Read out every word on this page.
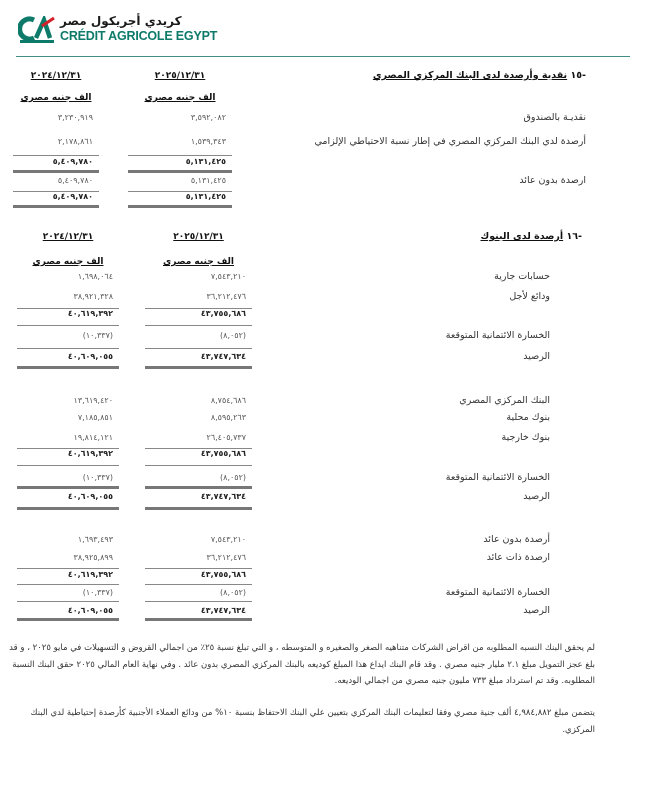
كريدي أجريكول مصر
CRÉDIT AGRICOLE EGYPT
-١٥ نقدية وأرصدة لدى البنك المركزي المصري
٢٠٢٥/١٢/٣١
٢٠٢٤/١٢/٣١
الف جنيه مصري
الف جنيه مصري
نقديـة بالصندوق
٣,٥٩٢,٠٨٢
٣,٢٣٠,٩١٩
أرصدة لدي البنك المركزي المصري في إطار نسبة الاحتياطي الإلزامي
١,٥٣٩,٣٤٣
٢,١٧٨,٨٦١
٥,١٣١,٤٢٥
٥,٤٠٩,٧٨٠
ارصدة بدون عائد
٥,١٣١,٤٢٥
٥,٤٠٩,٧٨٠
٥,١٣١,٤٢٥
٥,٤٠٩,٧٨٠
-١٦ أرصدة لدى البنوك
٢٠٢٥/١٢/٣١
٢٠٢٤/١٢/٣١
الف جنيه مصري
الف جنيه مصري
حسابات جارية
٧,٥٤٣,٢١٠
١,٦٩٨,٠٦٤
ودائع لأجل
٣٦,٢١٢,٤٧٦
٣٨,٩٢١,٣٢٨
٤٣,٧٥٥,٦٨٦
٤٠,٦١٩,٣٩٢
الخسارة الائتمانية المتوقعة
(٨,٠٥٢)
(١٠,٣٣٧)
الرصيد
٤٣,٧٤٧,٦٣٤
٤٠,٦٠٩,٠٥٥
البنك المركزي المصري
٨,٧٥٤,٦٨٦
١٣,٦١٩,٤٢٠
بنوك محلية
٨,٥٩٥,٢٦٣
٧,١٨٥,٨٥١
بنوك خارجية
٢٦,٤٠٥,٧٣٧
١٩,٨١٤,١٢١
٤٣,٧٥٥,٦٨٦
٤٠,٦١٩,٣٩٢
الخسارة الائتمانية المتوقعة
(٨,٠٥٢)
(١٠,٣٣٧)
الرصيد
٤٣,٧٤٧,٦٣٤
٤٠,٦٠٩,٠٥٥
أرصدة بدون عائد
٧,٥٤٣,٢١٠
١,٦٩٣,٤٩٣
ارصدة ذات عائد
٣٦,٢١٢,٤٧٦
٣٨,٩٢٥,٨٩٩
٤٣,٧٥٥,٦٨٦
٤٠,٦١٩,٣٩٢
الخسارة الائتمانية المتوقعة
(٨,٠٥٢)
(١٠,٣٣٧)
الرصيد
٤٣,٧٤٧,٦٣٤
٤٠,٦٠٩,٠٥٥
لم يحقق البنك النسبه المطلوبه من اقراض الشركات متناهيه الصغر والصغيره و المتوسطه ، و التي تبلغ نسبة ٢٥٪ من اجمالي القروض و التسهيلات في مايو ٢٠٢٥ ، و قد بلغ عجز التمويل مبلغ ٢.١ مليار جنيه مصري . وقد قام البنك ايداع هذا المبلغ كوديعه بالبنك المركزي المصري بدون عائد . وفي نهاية العام المالي ٢٠٢٥ حقق البنك النسبة المطلوبه. وقد تم استرداد مبلغ ٧٣٣ مليون جنيه مصري من اجمالي الوديعه.
يتضمن مبلغ ٤,٩٨٤,٨٨٢ ألف جنية مصري وفقا لتعليمات البنك المركزي بتعيين علي البنك الاحتفاظ بنسبة ١٠% من ودائع العملاء الأجنبية كأرصدة إحتياطية لدي البنك المركزي.
